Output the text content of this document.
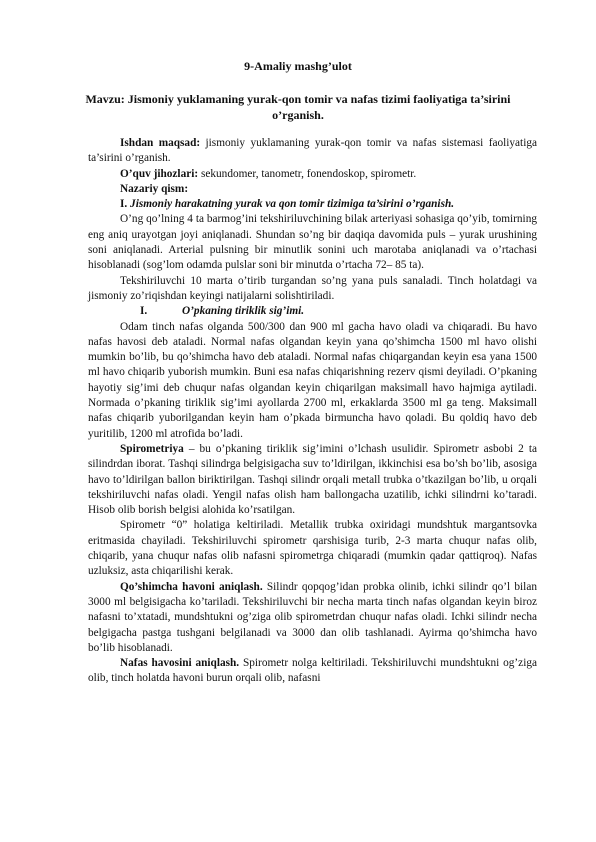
9-Amaliy mashg’ulot
Mavzu: Jismoniy yuklamaning yurak-qon tomir va nafas tizimi faoliyatiga ta’sirini o’rganish.

Ishdan maqsad: jismoniy yuklamaning yurak-qon tomir va nafas sistemasi faoliyatiga ta’sirini o’rganish.

O’quv jihozlari: sekundomer, tanometr, fonendoskop, spirometr.

Nazariy qism:

I. Jismoniy harakatning yurak va qon tomir tizimiga ta’sirini o’rganish.

O’ng qo’lning 4 ta barmog’ini tekshiriluvchining bilak arteriyasi sohasiga qo’yib, tomirning eng aniq urayotgan joyi aniqlanadi. Shundan so’ng bir daqiqa davomida puls – yurak urushining soni aniqlanadi. Arterial pulsning bir minutlik sonini uch marotaba aniqlanadi va o’rtachasi hisoblanadi (sog’lom odamda pulslar soni bir minutda o’rtacha 72– 85 ta).

Tekshiriluvchi 10 marta o’tirib turgandan so’ng yana puls sanaladi. Tinch holatdagi va jismoniy zo’riqishdan keyingi natijalarni solishtiriladi.

I.	O’pkaning tiriklik sig’imi.

Odam tinch nafas olganda 500/300 dan 900 ml gacha havo oladi va chiqaradi. Bu havo nafas havosi deb ataladi. Normal nafas olgandan keyin yana qo’shimcha 1500 ml havo olishi mumkin bo’lib, bu qo’shimcha havo deb ataladi. Normal nafas chiqargandan keyin esa yana 1500 ml havo chiqarib yuborish mumkin. Buni esa nafas chiqarishning rezerv qismi deyiladi. O’pkaning hayotiy sig’imi deb chuqur nafas olgandan keyin chiqarilgan maksimall havo hajmiga aytiladi. Normada o’pkaning tiriklik sig’imi ayollarda 2700 ml, erkaklarda 3500 ml ga teng. Maksimall nafas chiqarib yuborilgandan keyin ham o’pkada birmuncha havo qoladi. Bu qoldiq havo deb yuritilib, 1200 ml atrofida bo’ladi.

Spirometriya – bu o’pkaning tiriklik sig’imini o’lchash usulidir. Spirometr asbobi 2 ta silindrdan iborat. Tashqi silindrga belgisigacha suv to’ldirilgan, ikkinchisi esa bo’sh bo’lib, asosiga havo to’ldirilgan ballon biriktirilgan. Tashqi silindr orqali metall trubka o’tkazilgan bo’lib, u orqali tekshiriluvchi nafas oladi. Yengil nafas olish ham ballongacha uzatilib, ichki silindrni ko’taradi. Hisob olib borish belgisi alohida ko’rsatilgan.

Spirometr “0” holatiga keltiriladi. Metallik trubka oxiridagi mundshtuk margantsovka eritmasida chayiladi. Tekshiriluvchi spirometr qarshisiga turib, 2-3 marta chuqur nafas olib, chiqarib, yana chuqur nafas olib nafasni spirometrga chiqaradi (mumkin qadar qattiqroq). Nafas uzluksiz, asta chiqarilishi kerak.

Qo’shimcha havoni aniqlash. Silindr qopqog’idan probka olinib, ichki silindr qo’l bilan 3000 ml belgisigacha ko’tariladi. Tekshiriluvchi bir necha marta tinch nafas olgandan keyin biroz nafasni to’xtatadi, mundshtukni og’ziga olib spirometrdan chuqur nafas oladi. Ichki silindr necha belgigacha pastga tushgani belgilanadi va 3000 dan olib tashlanadi. Ayirma qo’shimcha havo bo’lib hisoblanadi.

Nafas havosini aniqlash. Spirometr nolga keltiriladi. Tekshiriluvchi mundshtukni og’ziga olib, tinch holatda havoni burun orqali olib, nafasni
